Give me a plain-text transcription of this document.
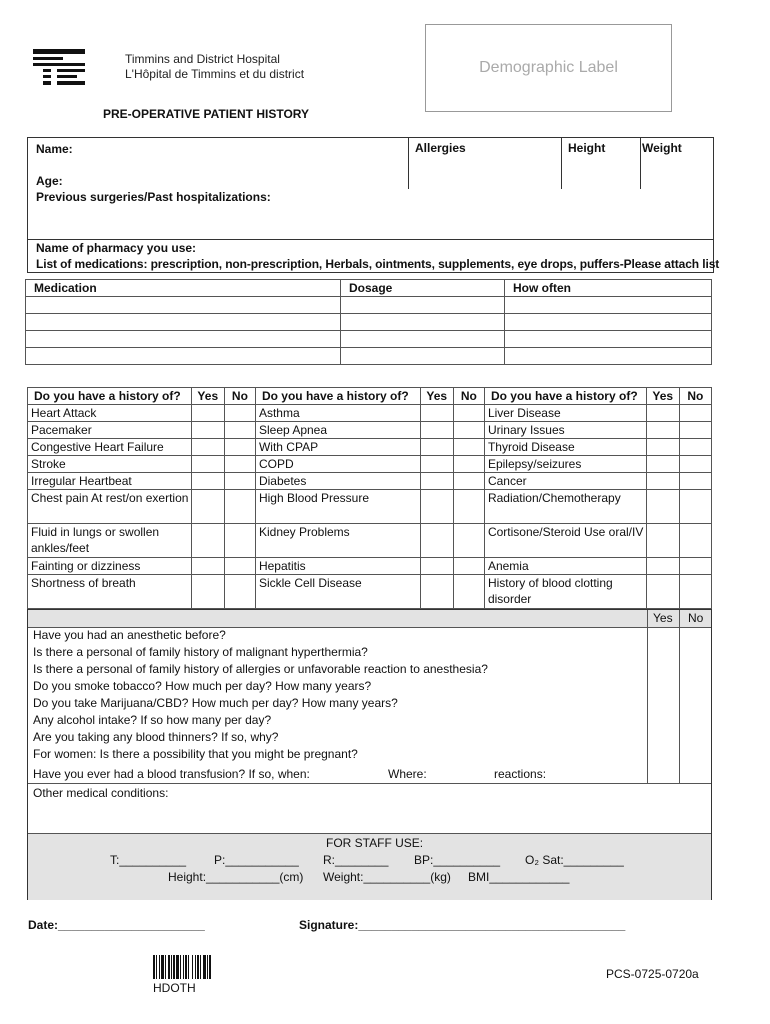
Timmins and District Hospital
L'Hôpital de Timmins et du district	Demographic Label
PRE-OPERATIVE PATIENT HISTORY
Name:
Age:
Allergies	Height	Weight
Previous surgeries/Past hospitalizations:
Name of pharmacy you use:
List of medications: prescription, non-prescription, Herbals, ointments, supplements, eye drops, puffers-Please attach list
Medication	Dosage	How often

Do you have a history of?	Yes	No	Do you have a history of?	Yes	No	Do you have a history of?	Yes	No
Heart Attack			Asthma			Liver Disease		
Pacemaker			Sleep Apnea			Urinary Issues		
Congestive Heart Failure			With CPAP			Thyroid Disease		
Stroke			COPD			Epilepsy/seizures		
Irregular Heartbeat			Diabetes			Cancer		
Chest pain At rest/on exertion			High Blood Pressure			Radiation/Chemotherapy		
Fluid in lungs or swollen ankles/feet			Kidney Problems			Cortisone/Steroid Use oral/IV		
Fainting or dizziness			Hepatitis			Anemia		
Shortness of breath			Sickle Cell Disease			History of blood clotting disorder		
Yes No
Have you had an anesthetic before?
Is there a personal of family history of malignant hyperthermia?
Is there a personal of family history of allergies or unfavorable reaction to anesthesia?
Do you smoke tobacco? How much per day? How many years?
Do you take Marijuana/CBD? How much per day? How many years?
Any alcohol intake? If so how many per day?
Are you taking any blood thinners? If so, why?
For women: Is there a possibility that you might be pregnant?
Have you ever had a blood transfusion? If so, when:	Where:	reactions:
Other medical conditions:
FOR STAFF USE:
T:__________ P:___________ R:________ BP:__________ O₂ Sat:_________
Height:___________(cm) Weight:__________(kg) BMI____________
Date:______________________	Signature:________________________________________
HDOTH
PCS-0725-0720a
